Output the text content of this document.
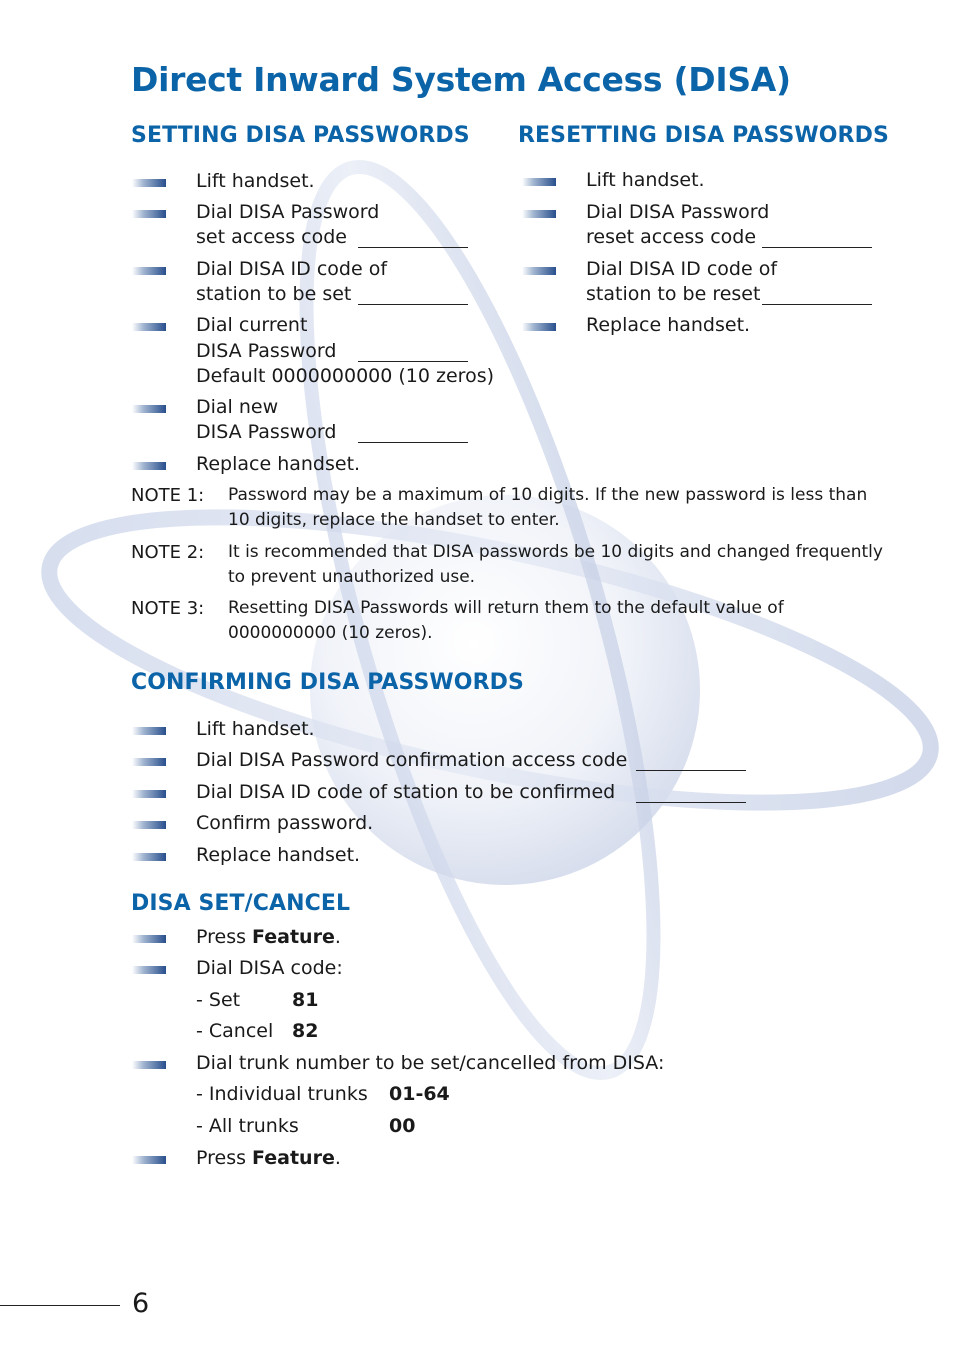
Direct Inward System Access (DISA)
SETTING DISA PASSWORDS
Lift handset.
Dial DISA Password
set access code
Dial DISA ID code of
station to be set
Dial current
DISA Password
Default 0000000000 (10 zeros)
Dial new
DISA Password
Replace handset.
RESETTING DISA PASSWORDS
Lift handset.
Dial DISA Password
reset access code
Dial DISA ID code of
station to be reset
Replace handset.
NOTE 1: Password may be a maximum of 10 digits. If the new password is less than 10 digits, replace the handset to enter.
NOTE 2: It is recommended that DISA passwords be 10 digits and changed frequently to prevent unauthorized use.
NOTE 3: Resetting DISA Passwords will return them to the default value of 0000000000 (10 zeros).
CONFIRMING DISA PASSWORDS
Lift handset.
Dial DISA Password confirmation access code
Dial DISA ID code of station to be confirmed
Confirm password.
Replace handset.
DISA SET/CANCEL
Press Feature.
Dial DISA code:
- Set	81
- Cancel 82
Dial trunk number to be set/cancelled from DISA:
- Individual trunks 01-64
- All trunks	00
Press Feature.
6
